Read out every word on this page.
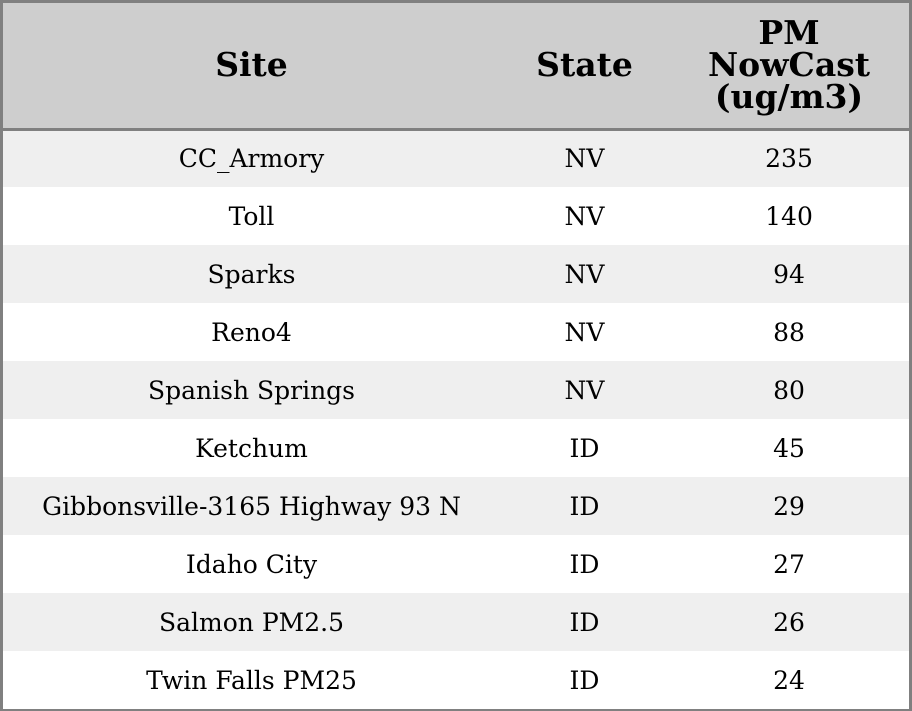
Site	State	PM
NowCast
(ug/m3)
CC_Armory	NV	235
Toll	NV	140
Sparks	NV	94
Reno4	NV	88
Spanish Springs	NV	80
Ketchum	ID	45
Gibbonsville-3165 Highway 93 N	ID	29
Idaho City	ID	27
Salmon PM2.5	ID	26
Twin Falls PM25	ID	24
